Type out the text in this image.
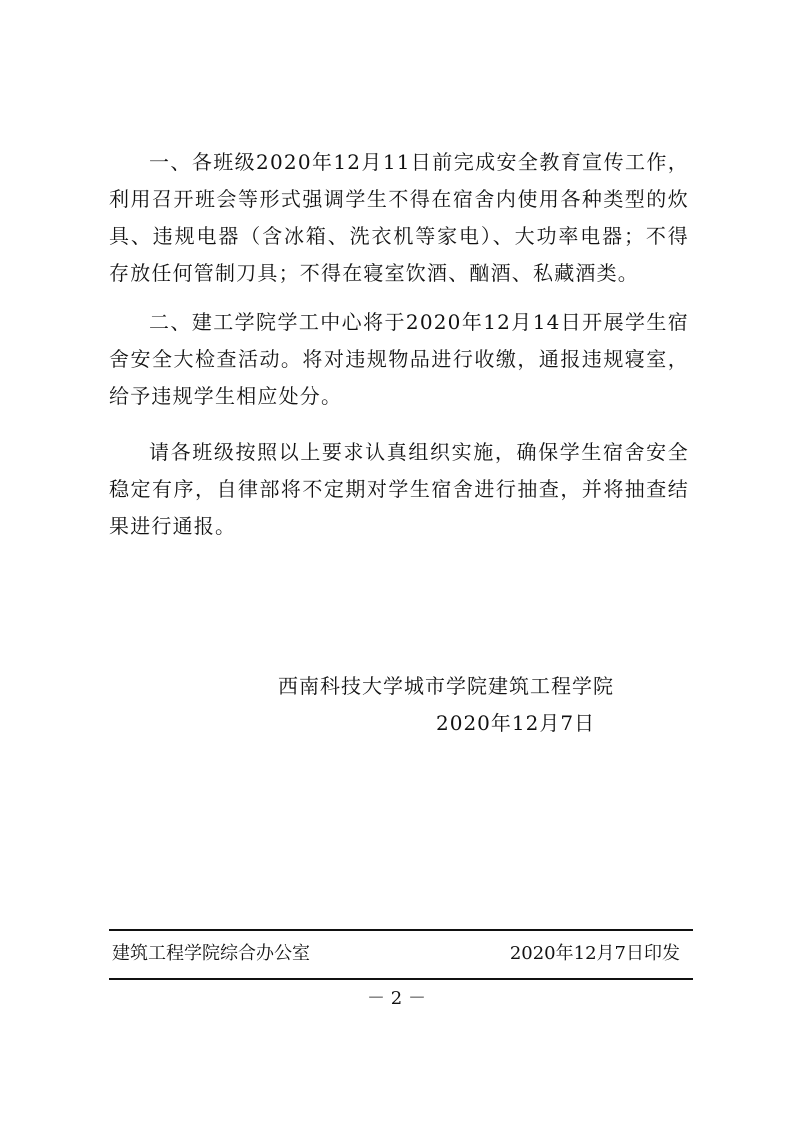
一、各班级2020年12月11日前完成安全教育宣传工作，利用召开班会等形式强调学生不得在宿舍内使用各种类型的炊具、违规电器（含冰箱、洗衣机等家电）、大功率电器；不得存放任何管制刀具；不得在寝室饮酒、酗酒、私藏酒类。

二、建工学院学工中心将于2020年12月14日开展学生宿舍安全大检查活动。将对违规物品进行收缴，通报违规寝室，给予违规学生相应处分。

请各班级按照以上要求认真组织实施，确保学生宿舍安全稳定有序，自律部将不定期对学生宿舍进行抽查，并将抽查结果进行通报。

西南科技大学城市学院建筑工程学院
2020年12月7日
建筑工程学院综合办公室	2020年12月7日印发
－ 2 －
